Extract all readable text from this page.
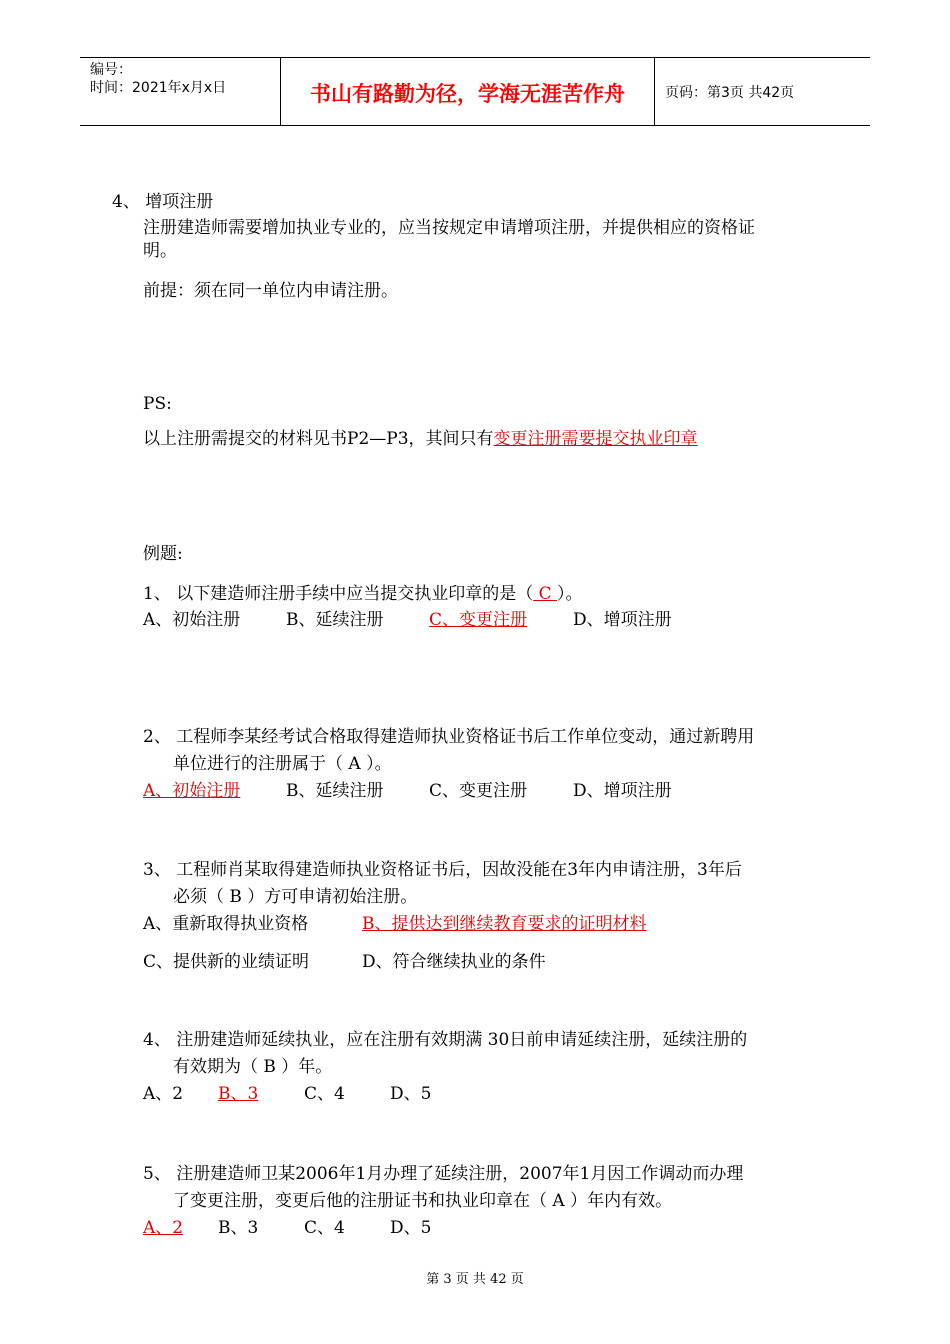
编号：
时间：2021年x月x日	书山有路勤为径，学海无涯苦作舟	页码：第3页 共42页
4、 增项注册
注册建造师需要增加执业专业的，应当按规定申请增项注册，并提供相应的资格证
明。
前提：须在同一单位内申请注册。
PS:
以上注册需提交的材料见书P2—P3，其间只有变更注册需要提交执业印章
例题:
1、 以下建造师注册手续中应当提交执业印章的是（ C ）。
A、初始注册	B、延续注册	C、变更注册	D、增项注册
2、 工程师李某经考试合格取得建造师执业资格证书后工作单位变动，通过新聘用
单位进行的注册属于（ A ）。
A、初始注册	B、延续注册	C、变更注册	D、增项注册
3、 工程师肖某取得建造师执业资格证书后，因故没能在3年内申请注册，3年后
必须（ B ）方可申请初始注册。
A、重新取得执业资格	B、提供达到继续教育要求的证明材料
C、提供新的业绩证明	D、符合继续执业的条件
4、 注册建造师延续执业，应在注册有效期满 30日前申请延续注册，延续注册的
有效期为（ B ）年。
A、2 B、3	C、4	D、5
5、 注册建造师卫某2006年1月办理了延续注册，2007年1月因工作调动而办理
了变更注册，变更后他的注册证书和执业印章在（ A ）年内有效。
A、2 B、3	C、4	D、5
第 3 页 共 42 页
